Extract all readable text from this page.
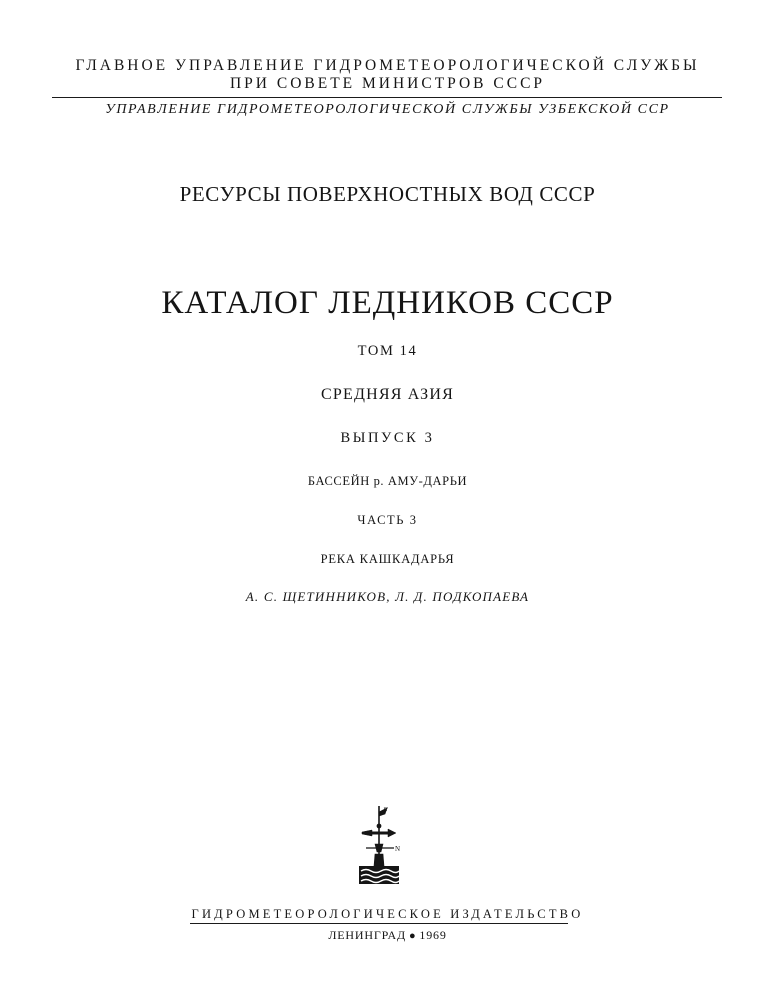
ГЛАВНОЕ УПРАВЛЕНИЕ ГИДРОМЕТЕОРОЛОГИЧЕСКОЙ СЛУЖБЫ
ПРИ СОВЕТЕ МИНИСТРОВ СССР
УПРАВЛЕНИЕ ГИДРОМЕТЕОРОЛОГИЧЕСКОЙ СЛУЖБЫ УЗБЕКСКОЙ ССР
РЕСУРСЫ ПОВЕРХНОСТНЫХ ВОД СССР
КАТАЛОГ ЛЕДНИКОВ СССР
ТОМ 14
СРЕДНЯЯ АЗИЯ
ВЫПУСК 3
БАССЕЙН р. АМУ-ДАРЬИ
ЧАСТЬ 3
РЕКА КАШКАДАРЬЯ
А. С. ЩЕТИННИКОВ, Л. Д. ПОДКОПАЕВА
F
N
ГИДРОМЕТЕОРОЛОГИЧЕСКОЕ ИЗДАТЕЛЬСТВО
ЛЕНИНГРАД ● 1969
